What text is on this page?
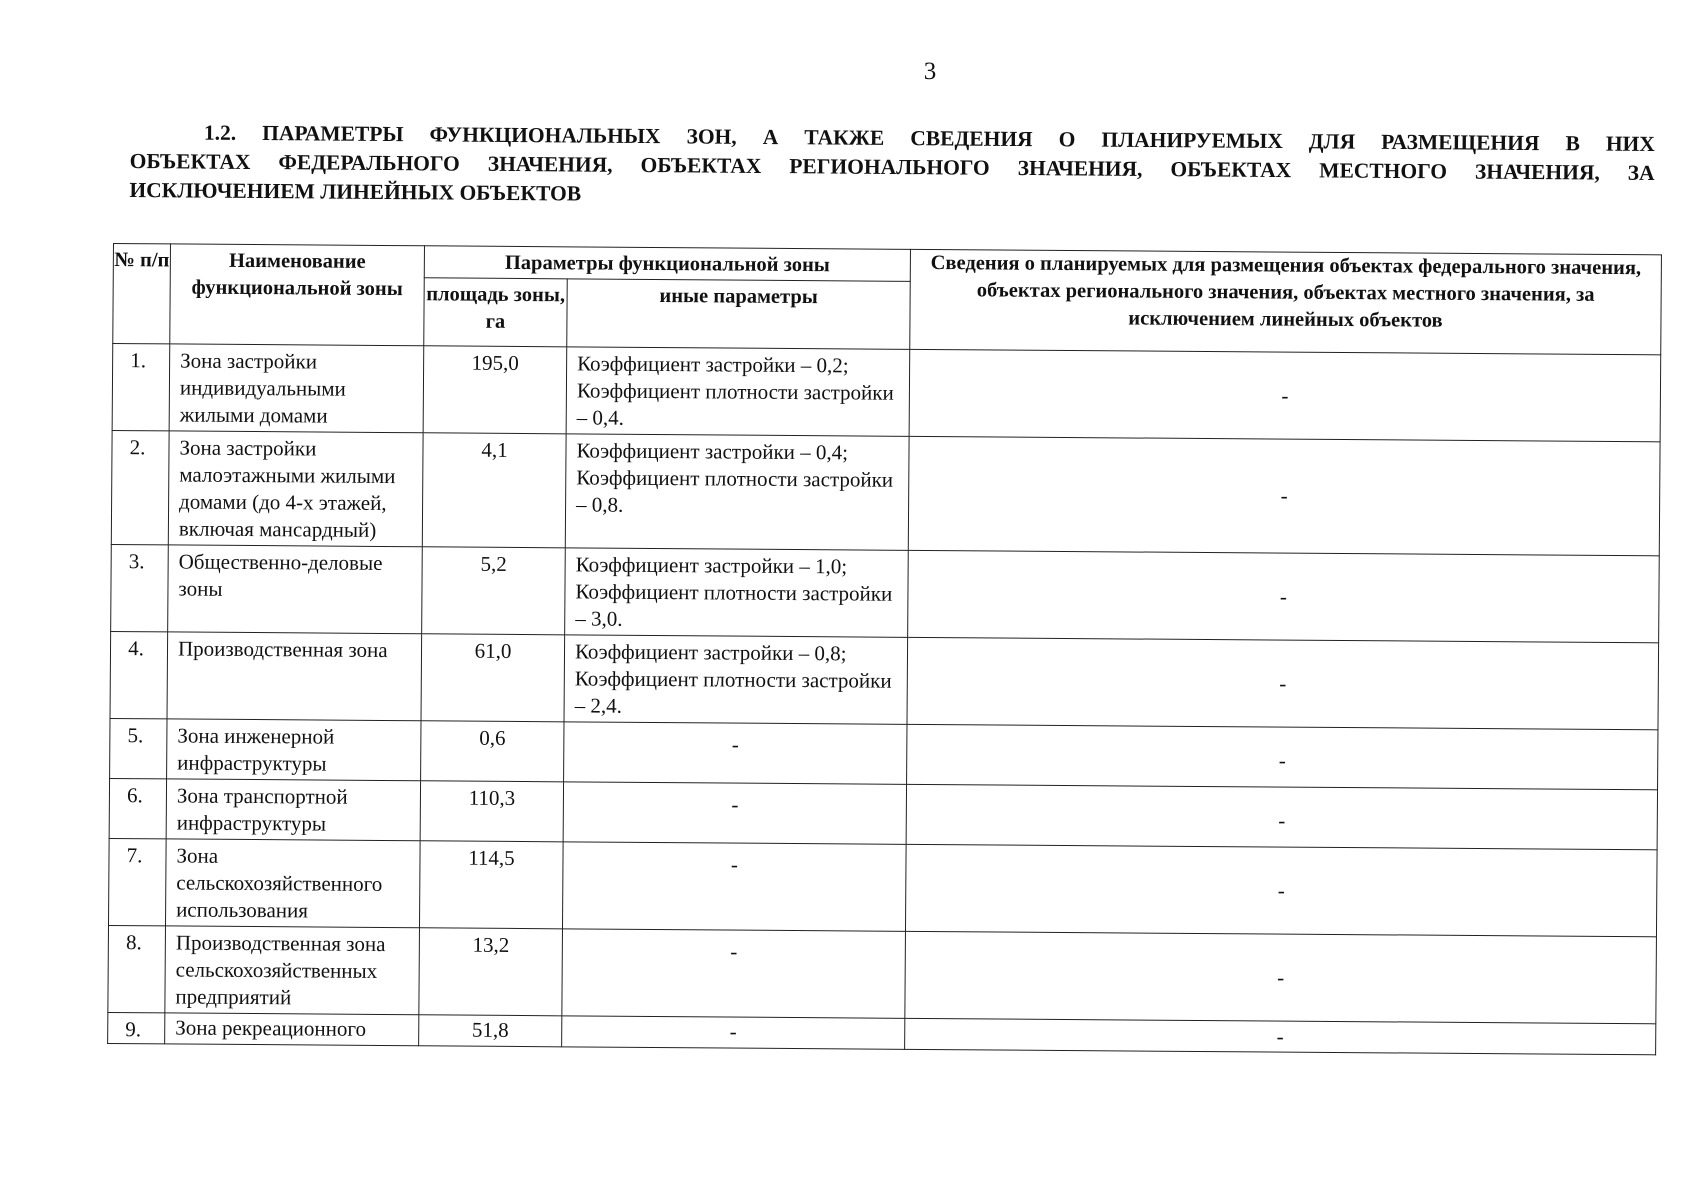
3
1.2. ПАРАМЕТРЫ ФУНКЦИОНАЛЬНЫХ ЗОН, А ТАКЖЕ СВЕДЕНИЯ О ПЛАНИРУЕМЫХ ДЛЯ РАЗМЕЩЕНИЯ В НИХ
ОБЪЕКТАХ ФЕДЕРАЛЬНОГО ЗНАЧЕНИЯ, ОБЪЕКТАХ РЕГИОНАЛЬНОГО ЗНАЧЕНИЯ, ОБЪЕКТАХ МЕСТНОГО ЗНАЧЕНИЯ, ЗА
ИСКЛЮЧЕНИЕМ ЛИНЕЙНЫХ ОБЪЕКТОВ
№ п/п	Наименование функциональной зоны	Параметры функциональной зоны		Сведения о планируемых для размещения объектах федерального значения, объектах регионального значения, объектах местного значения, за исключением линейных объектов
		площадь зоны, га	иные параметры	
1.	Зона застройки индивидуальными жилыми домами	195,0	Коэффициент застройки – 0,2; Коэффициент плотности застройки – 0,4.	-
2.	Зона застройки малоэтажными жилыми домами (до 4-х этажей, включая мансардный)	4,1	Коэффициент застройки – 0,4; Коэффициент плотности застройки – 0,8.	-
3.	Общественно-деловые зоны	5,2	Коэффициент застройки – 1,0; Коэффициент плотности застройки – 3,0.	-
4.	Производственная зона	61,0	Коэффициент застройки – 0,8; Коэффициент плотности застройки – 2,4.	-
5.	Зона инженерной инфраструктуры	0,6	-	-
6.	Зона транспортной инфраструктуры	110,3	-	-
7.	Зона сельскохозяйственного использования	114,5	-	-
8.	Производственная зона сельскохозяйственных предприятий	13,2	-	-
9.	Зона рекреационного	51,8	-	-
